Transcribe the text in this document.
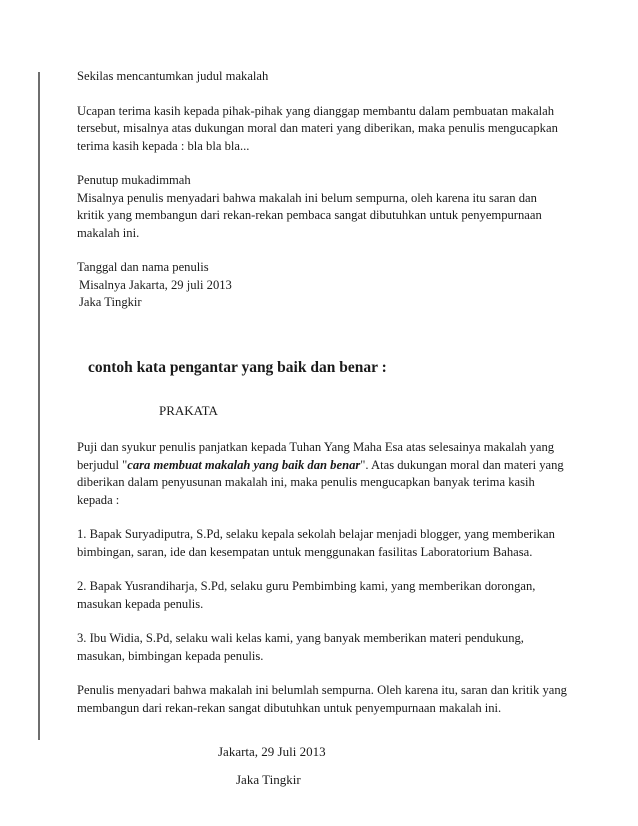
Sekilas mencantumkan judul makalah

Ucapan terima kasih kepada pihak-pihak yang dianggap membantu dalam pembuatan makalah tersebut, misalnya atas dukungan moral dan materi yang diberikan, maka penulis mengucapkan terima kasih kepada : bla bla bla...

Penutup mukadimmah

Misalnya penulis menyadari bahwa makalah ini belum sempurna, oleh karena itu saran dan kritik yang membangun dari rekan-rekan pembaca sangat dibutuhkan untuk penyempurnaan makalah ini.

Tanggal dan nama penulis

Misalnya Jakarta, 29 juli 2013

Jaka Tingkir

contoh kata pengantar yang baik dan benar :

PRAKATA

Puji dan syukur penulis panjatkan kepada Tuhan Yang Maha Esa atas selesainya makalah yang berjudul "cara membuat makalah yang baik dan benar". Atas dukungan moral dan materi yang diberikan dalam penyusunan makalah ini, maka penulis mengucapkan banyak terima kasih kepada :

1. Bapak Suryadiputra, S.Pd, selaku kepala sekolah belajar menjadi blogger, yang memberikan bimbingan, saran, ide dan kesempatan untuk menggunakan fasilitas Laboratorium Bahasa.

2. Bapak Yusrandiharja, S.Pd, selaku guru Pembimbing kami, yang memberikan dorongan, masukan kepada penulis.

3. Ibu Widia, S.Pd, selaku wali kelas kami, yang banyak memberikan materi pendukung, masukan, bimbingan kepada penulis.

Penulis menyadari bahwa makalah ini belumlah sempurna. Oleh karena itu, saran dan kritik yang membangun dari rekan-rekan sangat dibutuhkan untuk penyempurnaan makalah ini.

Jakarta, 29 Juli 2013

Jaka Tingkir
